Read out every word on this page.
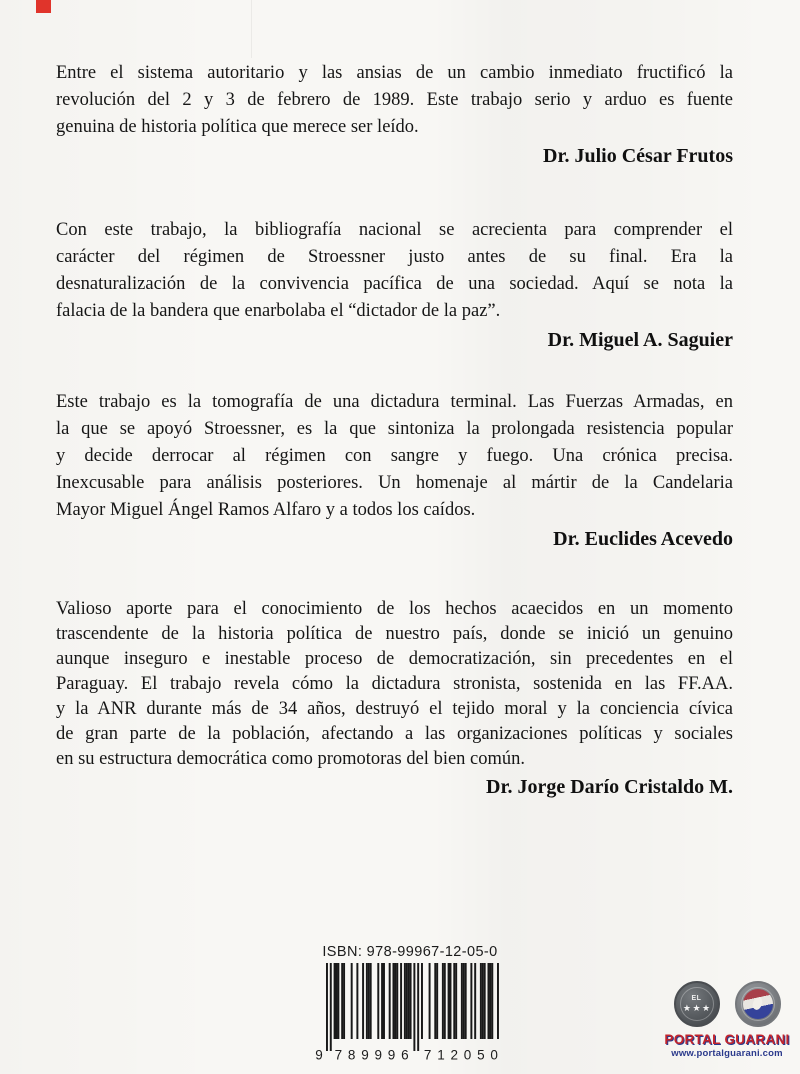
Entre el sistema autoritario y las ansias de un cambio inmediato fructificó la
revolución del 2 y 3 de febrero de 1989. Este trabajo serio y arduo es fuente
genuina de historia política que merece ser leído.
Dr. Julio César Frutos
Con este trabajo, la bibliografía nacional se acrecienta para comprender el
carácter del régimen de Stroessner justo antes de su final. Era la
desnaturalización de la convivencia pacífica de una sociedad. Aquí se nota la
falacia de la bandera que enarbolaba el “dictador de la paz”.
Dr. Miguel A. Saguier
Este trabajo es la tomografía de una dictadura terminal. Las Fuerzas Armadas, en
la que se apoyó Stroessner, es la que sintoniza la prolongada resistencia popular
y decide derrocar al régimen con sangre y fuego. Una crónica precisa.
Inexcusable para análisis posteriores. Un homenaje al mártir de la Candelaria
Mayor Miguel Ángel Ramos Alfaro y a todos los caídos.
Dr. Euclides Acevedo
Valioso aporte para el conocimiento de los hechos acaecidos en un momento
trascendente de la historia política de nuestro país, donde se inició un genuino
aunque inseguro e inestable proceso de democratización, sin precedentes en el
Paraguay. El trabajo revela cómo la dictadura stronista, sostenida en las FF.AA.
y la ANR durante más de 34 años, destruyó el tejido moral y la conciencia cívica
de gran parte de la población, afectando a las organizaciones políticas y sociales
en su estructura democrática como promotoras del bien común.
Dr. Jorge Darío Cristaldo M.
ISBN: 978-99967-12-05-0
9 789996 712050
EL
★★★
PORTAL GUARANI
www.portalguarani.com
